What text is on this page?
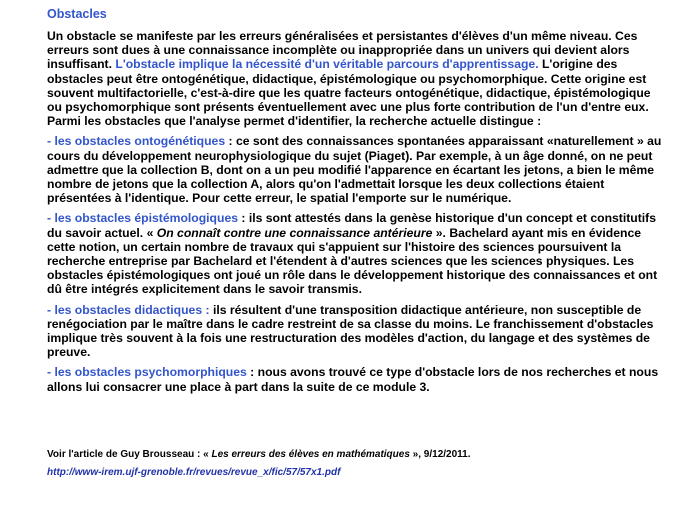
Obstacles

Un obstacle se manifeste par les erreurs généralisées et persistantes d'élèves d'un même niveau. Ces erreurs sont dues à une connaissance incomplète ou inappropriée dans un univers qui devient alors insuffisant. L'obstacle implique la nécessité d'un véritable parcours d'apprentissage. L'origine des obstacles peut être ontogénétique, didactique, épistémologique ou psychomorphique. Cette origine est souvent multifactorielle, c'est-à-dire que les quatre facteurs ontogénétique, didactique, épistémologique ou psychomorphique sont présents éventuellement avec une plus forte contribution de l'un d'entre eux. Parmi les obstacles que l'analyse permet d'identifier, la recherche actuelle distingue :

- les obstacles ontogénétiques : ce sont des connaissances spontanées apparaissant «naturellement » au cours du développement neurophysiologique du sujet (Piaget). Par exemple, à un âge donné, on ne peut admettre que la collection B, dont on a un peu modifié l'apparence en écartant les jetons, a bien le même nombre de jetons que la collection A, alors qu'on l'admettait lorsque les deux collections étaient présentées à l'identique. Pour cette erreur, le spatial l'emporte sur le numérique.

- les obstacles épistémologiques : ils sont attestés dans la genèse historique d'un concept et constitutifs du savoir actuel. « On connaît contre une connaissance antérieure ». Bachelard ayant mis en évidence cette notion, un certain nombre de travaux qui s'appuient sur l'histoire des sciences poursuivent la recherche entreprise par Bachelard et l'étendent à d'autres sciences que les sciences physiques. Les obstacles épistémologiques ont joué un rôle dans le développement historique des connaissances et ont dû être intégrés explicitement dans le savoir transmis.

- les obstacles didactiques : ils résultent d'une transposition didactique antérieure, non susceptible de renégociation par le maître dans le cadre restreint de sa classe du moins. Le franchissement d'obstacles implique très souvent à la fois une restructuration des modèles d'action, du langage et des systèmes de preuve.

- les obstacles psychomorphiques : nous avons trouvé ce type d'obstacle lors de nos recherches et nous allons lui consacrer une place à part dans la suite de ce module 3.

Voir l'article de Guy Brousseau : « Les erreurs des élèves en mathématiques », 9/12/2011.
http://www-irem.ujf-grenoble.fr/revues/revue_x/fic/57/57x1.pdf
